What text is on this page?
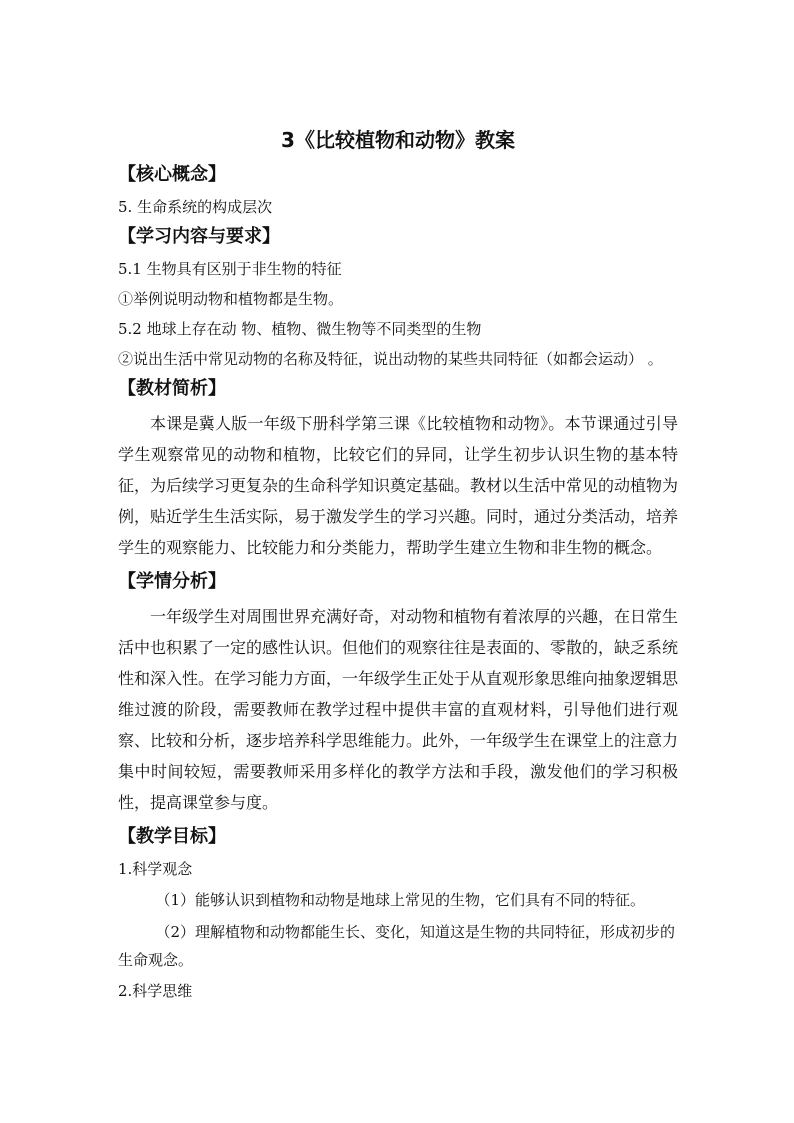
3《比较植物和动物》教案
【核心概念】
5. 生命系统的构成层次
【学习内容与要求】
5.1 生物具有区别于非生物的特征
①举例说明动物和植物都是生物。
5.2 地球上存在动 物、植物、微生物等不同类型的生物
②说出生活中常见动物的名称及特征，说出动物的某些共同特征（如都会运动） 。
【教材简析】

本课是冀人版一年级下册科学第三课《比较植物和动物》。本节课通过引导学生观察常见的动物和植物，比较它们的异同，让学生初步认识生物的基本特征，为后续学习更复杂的生命科学知识奠定基础。教材以生活中常见的动植物为例，贴近学生生活实际，易于激发学生的学习兴趣。同时，通过分类活动，培养学生的观察能力、比较能力和分类能力，帮助学生建立生物和非生物的概念。

【学情分析】

一年级学生对周围世界充满好奇，对动物和植物有着浓厚的兴趣，在日常生活中也积累了一定的感性认识。但他们的观察往往是表面的、零散的，缺乏系统性和深入性。在学习能力方面，一年级学生正处于从直观形象思维向抽象逻辑思维过渡的阶段，需要教师在教学过程中提供丰富的直观材料，引导他们进行观察、比较和分析，逐步培养科学思维能力。此外，一年级学生在课堂上的注意力集中时间较短，需要教师采用多样化的教学方法和手段，激发他们的学习积极性，提高课堂参与度。

【教学目标】
1.科学观念
（1）能够认识到植物和动物是地球上常见的生物，它们具有不同的特征。
（2）理解植物和动物都能生长、变化，知道这是生物的共同特征，形成初步的生命观念。
2.科学思维
